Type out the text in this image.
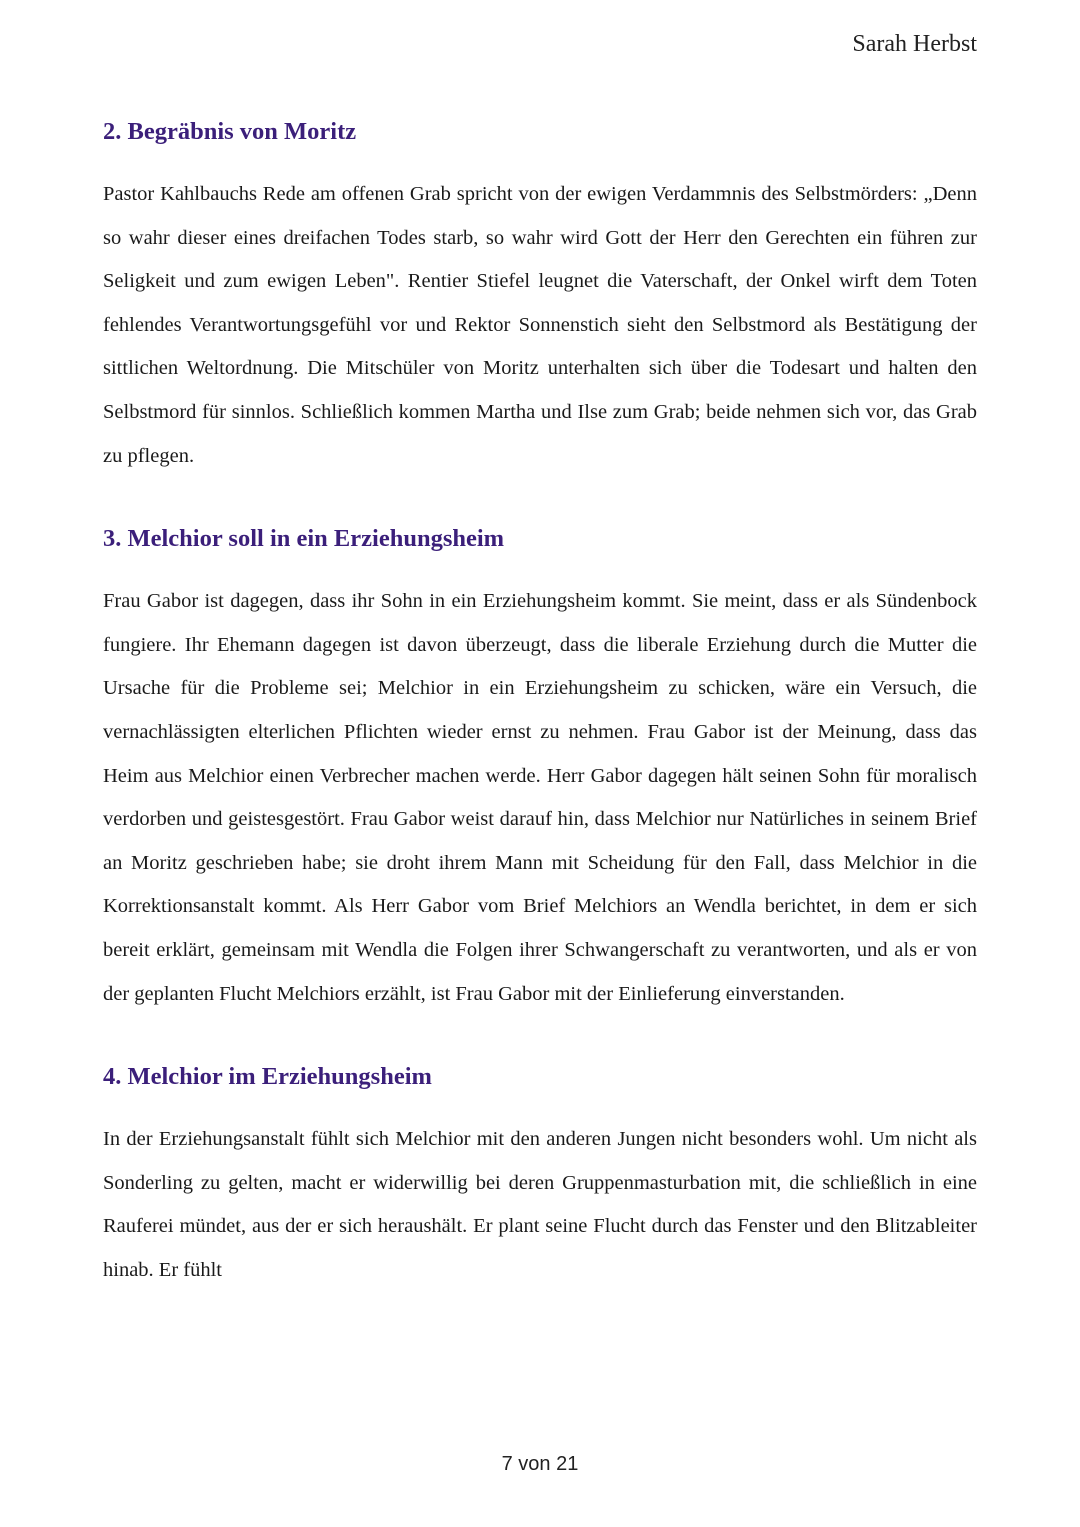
Sarah Herbst
2. Begräbnis von Moritz

Pastor Kahlbauchs Rede am offenen Grab spricht von der ewigen Verdammnis des Selbstmörders: „Denn so wahr dieser eines dreifachen Todes starb, so wahr wird Gott der Herr den Gerechten ein führen zur Seligkeit und zum ewigen Leben". Rentier Stiefel leugnet die Vaterschaft, der Onkel wirft dem Toten fehlendes Verantwortungsgefühl vor und Rektor Sonnenstich sieht den Selbstmord als Bestätigung der sittlichen Weltordnung. Die Mitschüler von Moritz unterhalten sich über die Todesart und halten den Selbstmord für sinnlos. Schließlich kommen Martha und Ilse zum Grab; beide nehmen sich vor, das Grab zu pflegen.

3. Melchior soll in ein Erziehungsheim

Frau Gabor ist dagegen, dass ihr Sohn in ein Erziehungsheim kommt. Sie meint, dass er als Sündenbock fungiere. Ihr Ehemann dagegen ist davon überzeugt, dass die liberale Erziehung durch die Mutter die Ursache für die Probleme sei; Melchior in ein Erziehungsheim zu schicken, wäre ein Versuch, die vernachlässigten elterlichen Pflichten wieder ernst zu nehmen. Frau Gabor ist der Meinung, dass das Heim aus Melchior einen Verbrecher machen werde. Herr Gabor dagegen hält seinen Sohn für moralisch verdorben und geistesgestört. Frau Gabor weist darauf hin, dass Melchior nur Natürliches in seinem Brief an Moritz geschrieben habe; sie droht ihrem Mann mit Scheidung für den Fall, dass Melchior in die Korrektionsanstalt kommt. Als Herr Gabor vom Brief Melchiors an Wendla berichtet, in dem er sich bereit erklärt, gemeinsam mit Wendla die Folgen ihrer Schwangerschaft zu verantworten, und als er von der geplanten Flucht Melchiors erzählt, ist Frau Gabor mit der Einlieferung einverstanden.

4. Melchior im Erziehungsheim

In der Erziehungsanstalt fühlt sich Melchior mit den anderen Jungen nicht besonders wohl. Um nicht als Sonderling zu gelten, macht er widerwillig bei deren Gruppenmasturbation mit, die schließlich in eine Rauferei mündet, aus der er sich heraushält. Er plant seine Flucht durch das Fenster und den Blitzableiter hinab. Er fühlt

7 von 21
